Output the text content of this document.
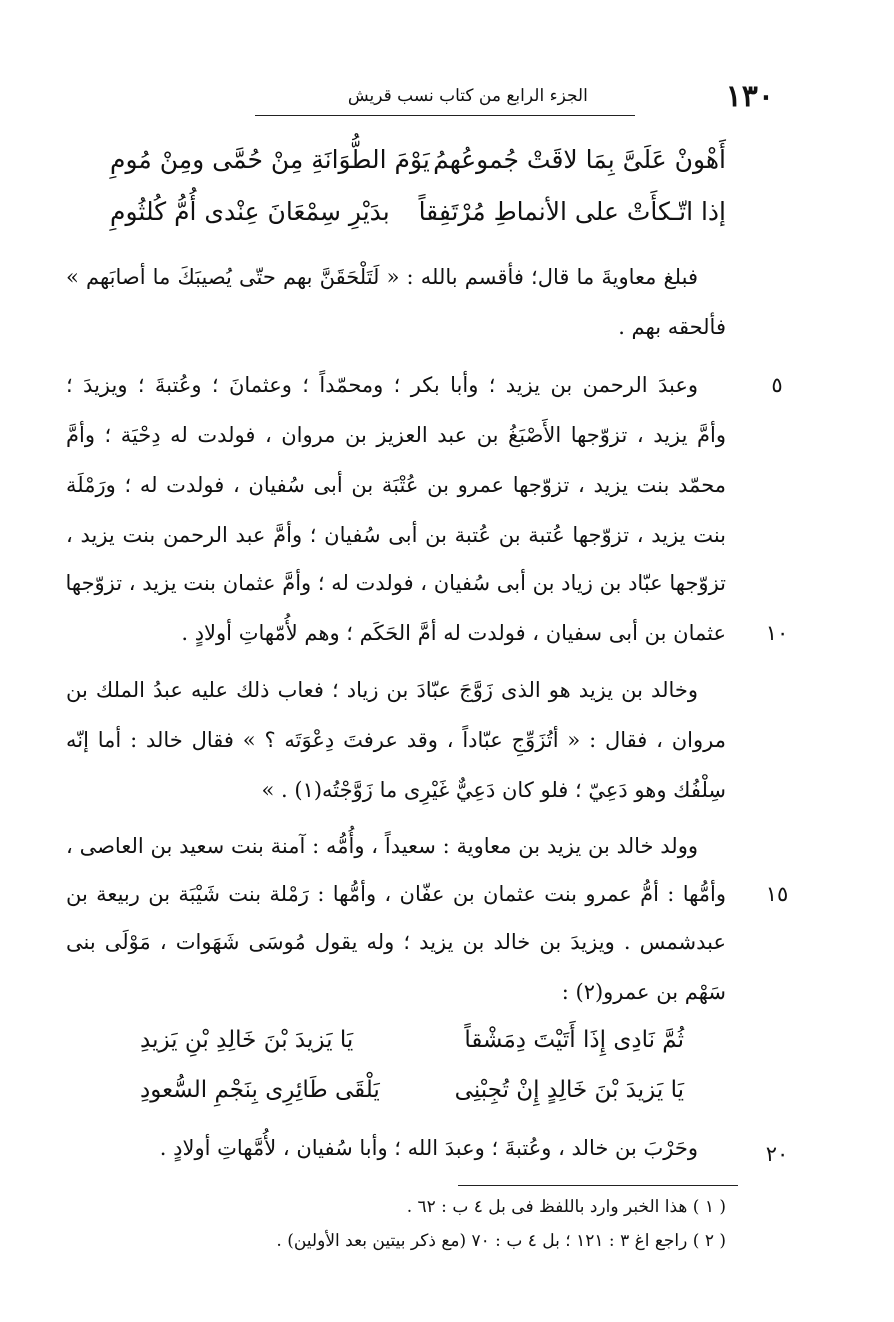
١٣٠
الجزء الرابع من كتاب نسب قريش
أَهْونْ عَلَىَّ بِمَا لاقَتْ جُموعُهمُ
يَوْمَ الطُّوَانَةِ مِنْ حُمَّى ومِنْ مُومِ
إذا اتّـكأَتْ على الأنماطِ مُرْتَفِقاً
بدَيْرِ سِمْعَانَ عِنْدى أُمُّ كُلثُومِ
فبلغ معاويةَ ما قال؛ فأقسم بالله : « لَتَلْحَقَنَّ بهم حتّى يُصيبَكَ ما أصابَهم »
فألحقه بهم .
وعبدَ الرحمن بن يزيد ؛ وأبا بكر ؛ ومحمّداً ؛ وعثمانَ ؛ وعُتبةَ ؛ ويزيدَ ؛	٥
وأمَّ يزيد ، تزوّجها الأَصْبَغُ بن عبد العزيز بن مروان ، فولدت له دِحْيَة ؛ وأمَّ
محمّد بنت يزيد ، تزوّجها عمرو بن عُتْبَة بن أبى سُفيان ، فولدت له ؛ ورَمْلَة
بنت يزيد ، تزوّجها عُتبة بن عُتبة بن أبى سُفيان ؛ وأمَّ عبد الرحمن بنت يزيد ،
تزوّجها عبّاد بن زياد بن أبى سُفيان ، فولدت له ؛ وأمَّ عثمان بنت يزيد ، تزوّجها
عثمان بن أبى سفيان ، فولدت له أمَّ الحَكَم ؛ وهم لأُمّهاتِ أولادٍ .	١٠
وخالد بن يزيد هو الذى زَوَّجَ عبّادَ بن زياد ؛ فعاب ذلك عليه عبدُ الملك بن
مروان ، فقال : « أتُزَوِّجِ عبّاداً ، وقد عرفتَ دِعْوَتَه ؟ » فقال خالد : أما إنّه
سِلْفُك وهو دَعِيّ ؛ فلو كان دَعِيٌّ غَيْرِى ما زَوَّجْتُه(١) . »
وولد خالد بن يزيد بن معاوية : سعيداً ، وأُمُّه : آمنة بنت سعيد بن العاصى ،
وأمُّها : أمُّ عمرو بنت عثمان بن عفّان ، وأمُّها : رَمْلة بنت شَيْبَة بن ربيعة بن	١٥
عبدشمس . ويزيدَ بن خالد بن يزيد ؛ وله يقول مُوسَى شَهَوات ، مَوْلَى بنى
سَهْم بن عمرو(٢) :
ثُمَّ نَادِى إِذَا أَتَيْتَ دِمَشْقاً
يَا يَزيدَ بْنَ خَالِدِ بْنِ يَزيدِ
يَا يَزيدَ بْنَ خَالِدٍ إِنْ تُجِبْنِى
يَلْقَى طَائِرِى بِنَجْمِ السُّعودِ
وحَرْبَ بن خالد ، وعُتبةَ ؛ وعبدَ الله ؛ وأبا سُفيان ، لأُمَّهاتِ أولادٍ .	٢٠
( ١ ) هذا الخبر وارد باللفظ فى بل ٤ ب : ٦٢ .
( ٢ ) راجع اغ ٣ : ١٢١ ؛ بل ٤ ب : ٧٠ (مع ذكر بيتين بعد الأولين) .
